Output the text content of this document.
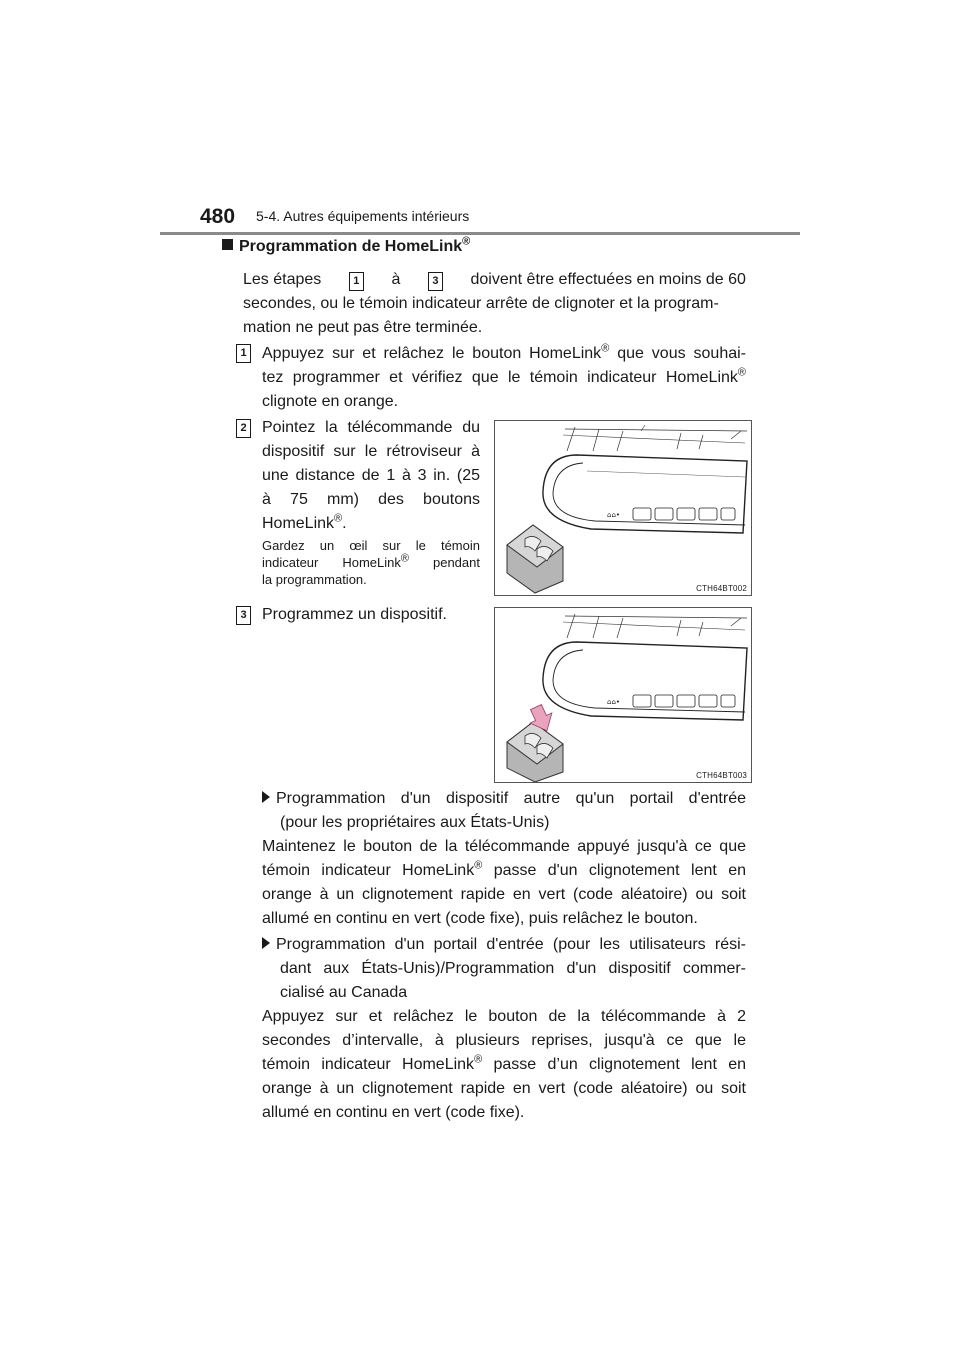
480 5-4. Autres équipements intérieurs
Programmation de HomeLink®
Les étapes	1 à	3 doivent être effectuées en moins de 60
secondes, ou le témoin indicateur arrête de clignoter et la program-
mation ne peut pas être terminée.
1 Appuyez sur et relâchez le bouton HomeLink® que vous souhai-
tez programmer et vérifiez que le témoin indicateur HomeLink®
clignote en orange.
2 Pointez la télécommande du
dispositif sur le rétroviseur à
une distance de 1 à 3 in. (25
à 75 mm) des boutons
HomeLink®.
Gardez un œil sur le témoin
indicateur HomeLink® pendant
la programmation.
⌂⌂•
CTH64BT002
3 Programmez un dispositif.
⌂⌂•
CTH64BT003
Programmation d'un dispositif autre qu'un portail d'entrée
(pour les propriétaires aux États-Unis)
Maintenez le bouton de la télécommande appuyé jusqu'à ce que
témoin indicateur HomeLink® passe d'un clignotement lent en
orange à un clignotement rapide en vert (code aléatoire) ou soit
allumé en continu en vert (code fixe), puis relâchez le bouton.
Programmation d'un portail d'entrée (pour les utilisateurs rési-
dant aux États-Unis)/Programmation d'un dispositif commer-
cialisé au Canada
Appuyez sur et relâchez le bouton de la télécommande à 2
secondes d’intervalle, à plusieurs reprises, jusqu'à ce que le
témoin indicateur HomeLink® passe d’un clignotement lent en
orange à un clignotement rapide en vert (code aléatoire) ou soit
allumé en continu en vert (code fixe).
